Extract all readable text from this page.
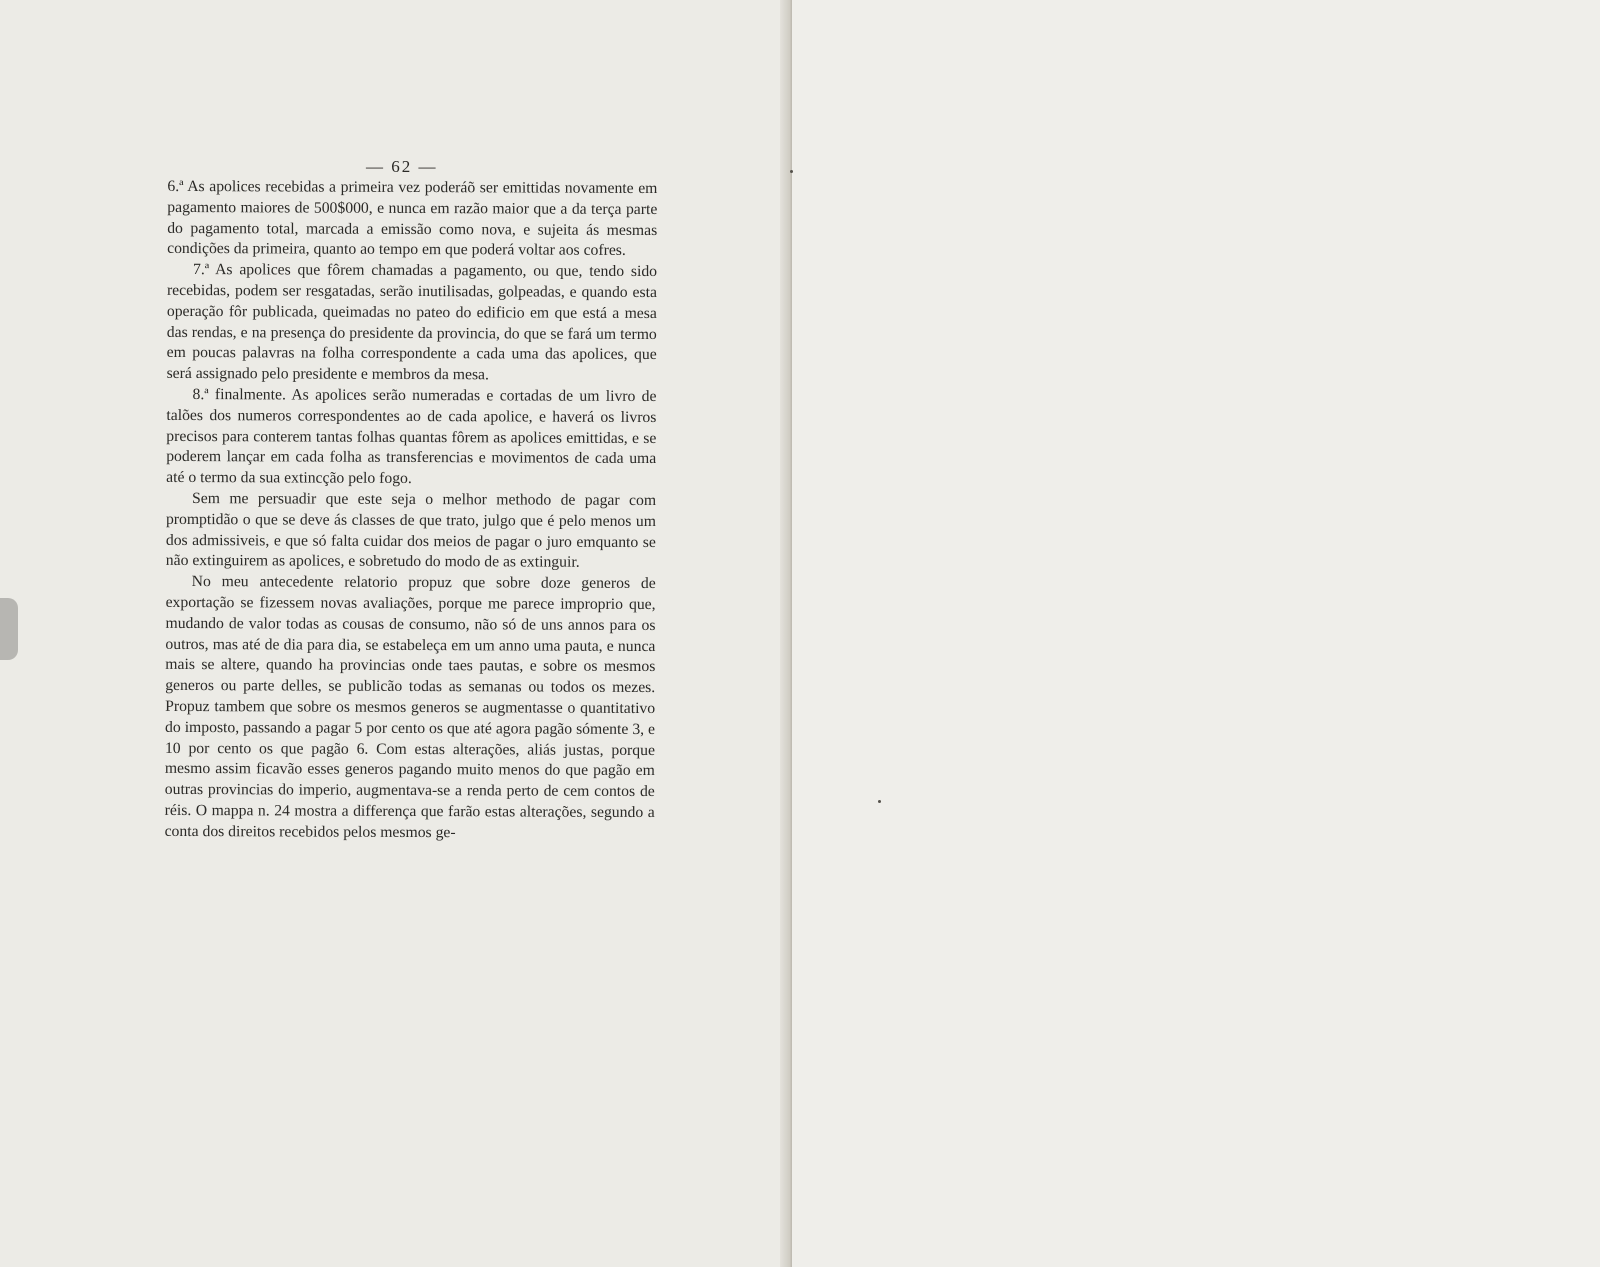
— 62 —

6.ª As apolices recebidas a primeira vez poderáõ ser emittidas novamente em pagamento maiores de 500$000, e nunca em razão maior que a da terça parte do pagamento total, marcada a emissão como nova, e sujeita ás mesmas condições da primeira, quanto ao tempo em que poderá voltar aos cofres.

7.ª As apolices que fôrem chamadas a pagamento, ou que, tendo sido recebidas, podem ser resgatadas, serão inutilisadas, golpeadas, e quando esta operação fôr publicada, queimadas no pateo do edificio em que está a mesa das rendas, e na presença do presidente da provincia, do que se fará um termo em poucas palavras na folha correspondente a cada uma das apolices, que será assignado pelo presidente e membros da mesa.

8.ª finalmente. As apolices serão numeradas e cortadas de um livro de talões dos numeros correspondentes ao de cada apolice, e haverá os livros precisos para conterem tantas folhas quantas fôrem as apolices emittidas, e se poderem lançar em cada folha as transferencias e movimentos de cada uma até o termo da sua extincção pelo fogo.

Sem me persuadir que este seja o melhor methodo de pagar com promptidão o que se deve ás classes de que trato, julgo que é pelo menos um dos admissiveis, e que só falta cuidar dos meios de pagar o juro emquanto se não extinguirem as apolices, e sobretudo do modo de as extinguir.

No meu antecedente relatorio propuz que sobre doze generos de exportação se fizessem novas avaliações, porque me parece improprio que, mudando de valor todas as cousas de consumo, não só de uns annos para os outros, mas até de dia para dia, se estabeleça em um anno uma pauta, e nunca mais se altere, quando ha provincias onde taes pautas, e sobre os mesmos generos ou parte delles, se publicão todas as semanas ou todos os mezes. Propuz tambem que sobre os mesmos generos se augmentasse o quantitativo do imposto, passando a pagar 5 por cento os que até agora pagão sómente 3, e 10 por cento os que pagão 6. Com estas alterações, aliás justas, porque mesmo assim ficavão esses generos pagando muito menos do que pagão em outras provincias do imperio, augmentava-se a renda perto de cem contos de réis. O mappa n. 24 mostra a differença que farão estas alterações, segundo a conta dos direitos recebidos pelos mesmos ge-
